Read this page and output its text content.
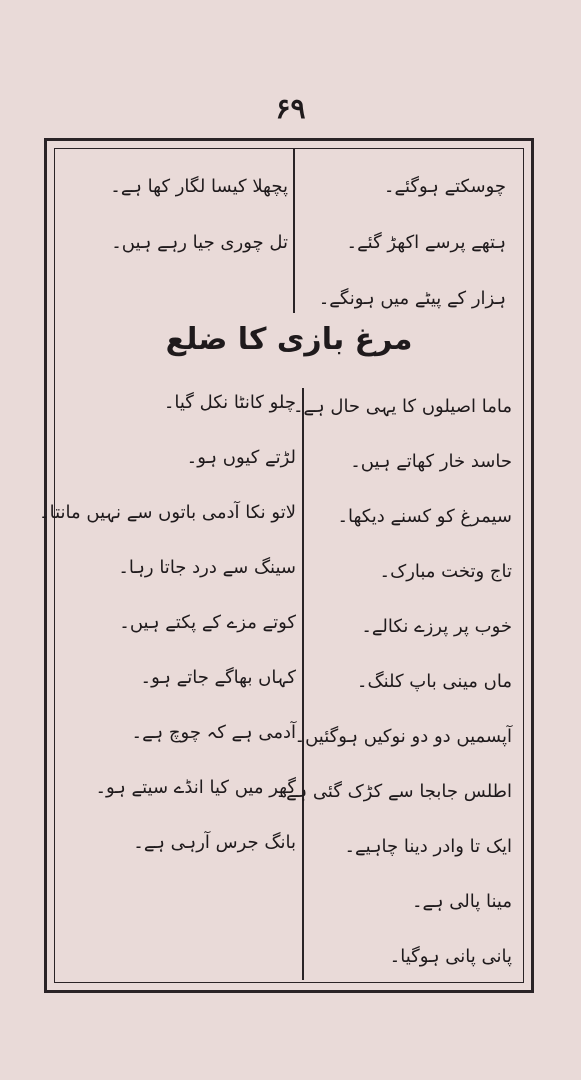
۶۹
چوسکتے ہوگئے۔
ہتھے پرسے اکھڑ گئے۔
ہزار کے پیٹے میں ہونگے۔
پچھلا کیسا لگار کھا ہے۔
تل چوری جیا رہے ہیں۔
مرغ بازی کا ضلع
ماما اصیلوں کا یہی حال ہے۔
حاسد خار کھاتے ہیں۔
سیمرغ کو کسنے دیکھا۔
تاج وتخت مبارک۔
خوب پر پرزے نکالے۔
ماں مینی باپ کلنگ۔
آپسمیں دو دو نوکیں ہوگئیں۔
اطلس جابجا سے کڑک گئی ہے۔
ایک تا وادر دینا چاہیے۔
مینا پالی ہے۔
پانی پانی ہوگیا۔
چلو کانٹا نکل گیا۔
لڑتے کیوں ہو۔
لاتو نکا آدمی باتوں سے نہیں مانتا۔
سینگ سے درد جاتا رہا۔
کوتے مزے کے پکتے ہیں۔
کہاں بھاگے جاتے ہو۔
آدمی ہے کہ چوچ ہے۔
گھر میں کیا انڈے سیتے ہو۔
بانگ جرس آرہی ہے۔
